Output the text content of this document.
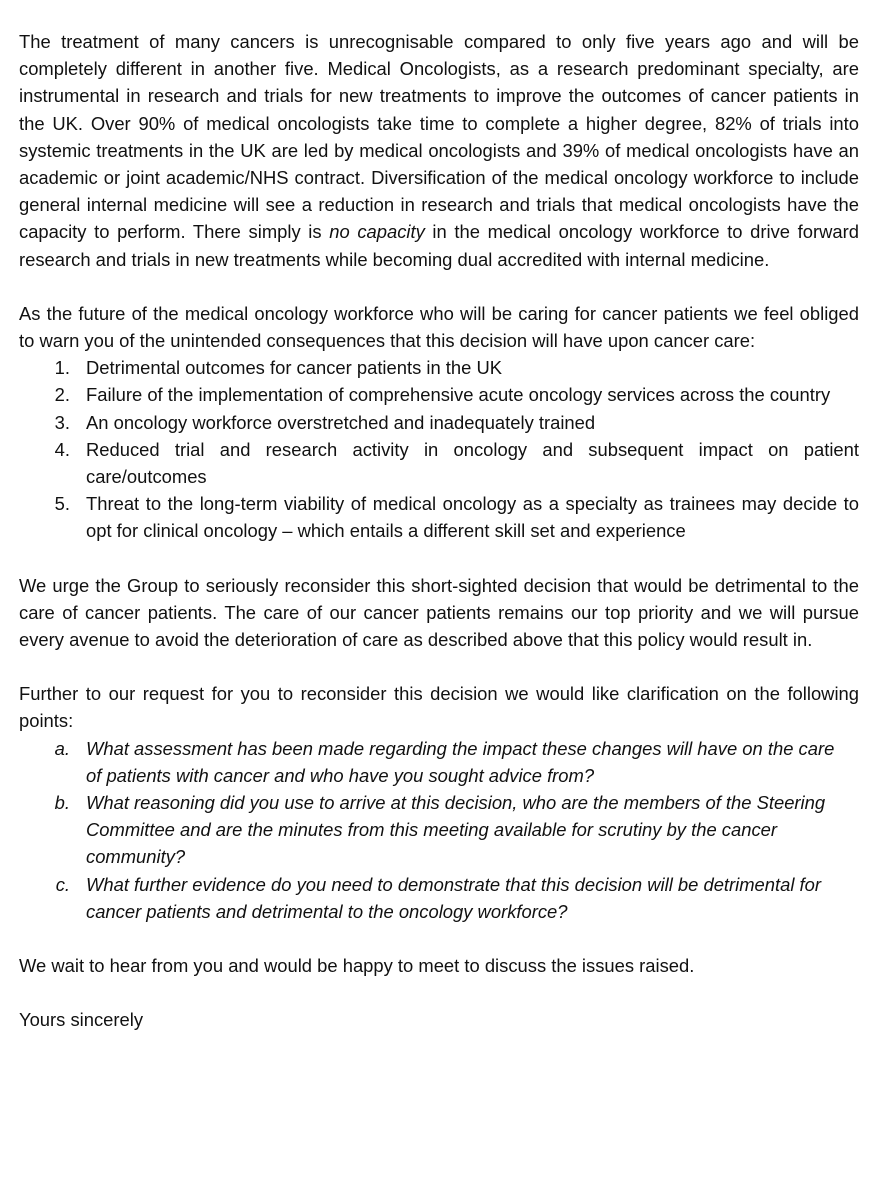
The treatment of many cancers is unrecognisable compared to only five years ago and will be completely different in another five. Medical Oncologists, as a research predominant specialty, are instrumental in research and trials for new treatments to improve the outcomes of cancer patients in the UK. Over 90% of medical oncologists take time to complete a higher degree, 82% of trials into systemic treatments in the UK are led by medical oncologists and 39% of medical oncologists have an academic or joint academic/NHS contract. Diversification of the medical oncology workforce to include general internal medicine will see a reduction in research and trials that medical oncologists have the capacity to perform. There simply is no capacity in the medical oncology workforce to drive forward research and trials in new treatments while becoming dual accredited with internal medicine.

As the future of the medical oncology workforce who will be caring for cancer patients we feel obliged to warn you of the unintended consequences that this decision will have upon cancer care:

1. Detrimental outcomes for cancer patients in the UK
2. Failure of the implementation of comprehensive acute oncology services across the country
3. An oncology workforce overstretched and inadequately trained
4. Reduced trial and research activity in oncology and subsequent impact on patient care/outcomes
5. Threat to the long-term viability of medical oncology as a specialty as trainees may decide to opt for clinical oncology – which entails a different skill set and experience

We urge the Group to seriously reconsider this short-sighted decision that would be detrimental to the care of cancer patients. The care of our cancer patients remains our top priority and we will pursue every avenue to avoid the deterioration of care as described above that this policy would result in.

Further to our request for you to reconsider this decision we would like clarification on the following points:

a. What assessment has been made regarding the impact these changes will have on the care of patients with cancer and who have you sought advice from?
b. What reasoning did you use to arrive at this decision, who are the members of the Steering Committee and are the minutes from this meeting available for scrutiny by the cancer community?
c. What further evidence do you need to demonstrate that this decision will be detrimental for cancer patients and detrimental to the oncology workforce?

We wait to hear from you and would be happy to meet to discuss the issues raised.

Yours sincerely
